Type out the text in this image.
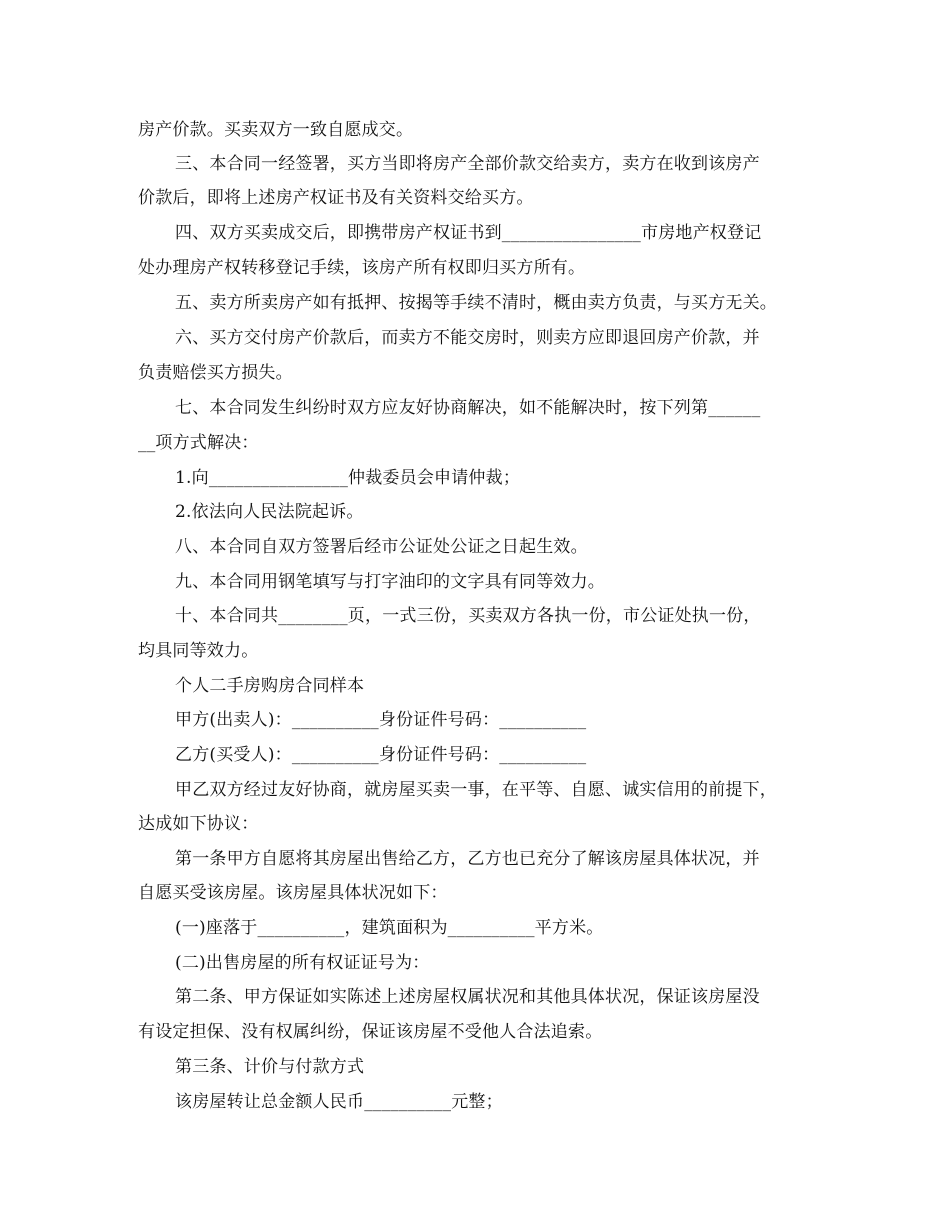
房产价款。买卖双方一致自愿成交。
三、本合同一经签署，买方当即将房产全部价款交给卖方，卖方在收到该房产
价款后，即将上述房产权证书及有关资料交给买方。
四、双方买卖成交后，即携带房产权证书到________________市房地产权登记
处办理房产权转移登记手续，该房产所有权即归买方所有。
五、卖方所卖房产如有抵押、按揭等手续不清时，概由卖方负责，与买方无关。
六、买方交付房产价款后，而卖方不能交房时，则卖方应即退回房产价款，并
负责赔偿买方损失。
七、本合同发生纠纷时双方应友好协商解决，如不能解决时，按下列第______
__项方式解决：
1.向________________仲裁委员会申请仲裁；
2.依法向人民法院起诉。
八、本合同自双方签署后经市公证处公证之日起生效。
九、本合同用钢笔填写与打字油印的文字具有同等效力。
十、本合同共________页，一式三份，买卖双方各执一份，市公证处执一份，
均具同等效力。
个人二手房购房合同样本
甲方(出卖人)：__________身份证件号码：__________
乙方(买受人)：__________身份证件号码：__________
甲乙双方经过友好协商，就房屋买卖一事，在平等、自愿、诚实信用的前提下，
达成如下协议：
第一条甲方自愿将其房屋出售给乙方，乙方也已充分了解该房屋具体状况，并
自愿买受该房屋。该房屋具体状况如下：
(一)座落于__________，建筑面积为__________平方米。
(二)出售房屋的所有权证证号为：
第二条、甲方保证如实陈述上述房屋权属状况和其他具体状况，保证该房屋没
有设定担保、没有权属纠纷，保证该房屋不受他人合法追索。
第三条、计价与付款方式
该房屋转让总金额人民币__________元整；
